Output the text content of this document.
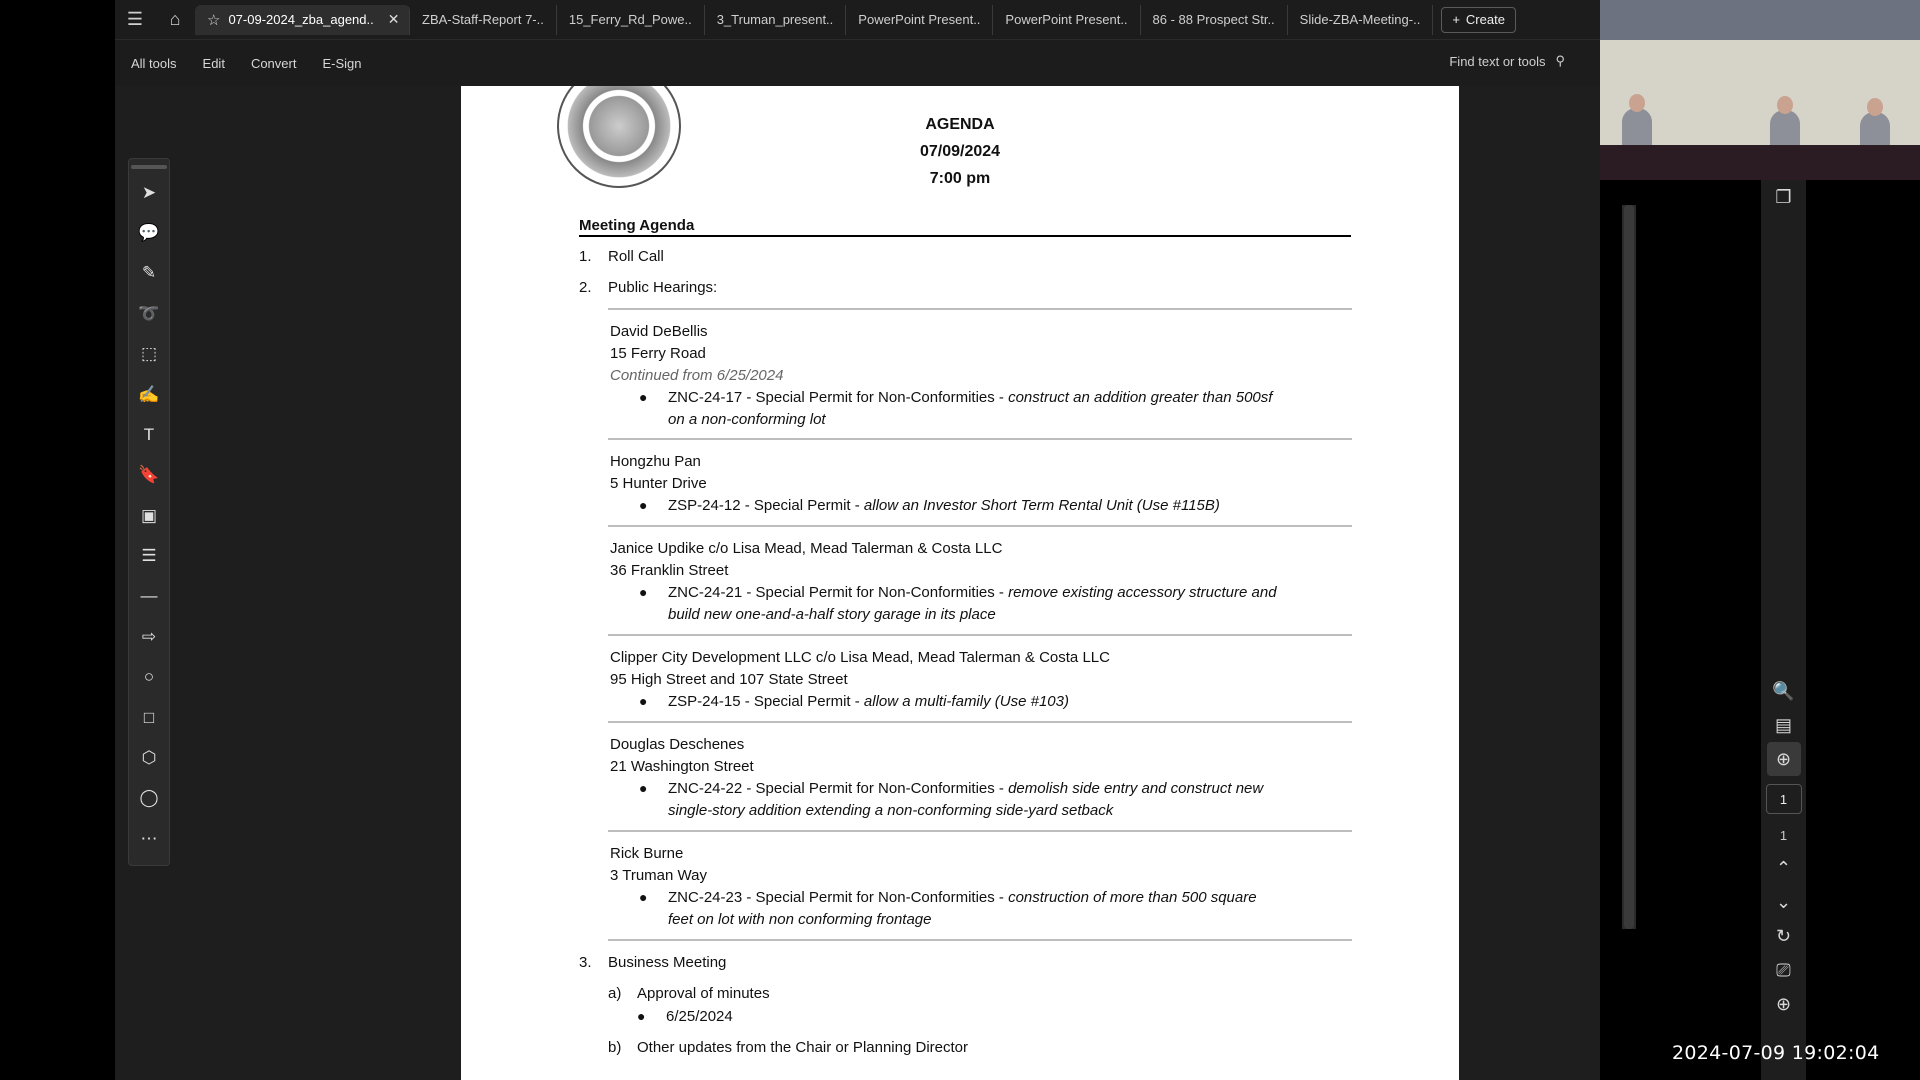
☰	⌂	☆ 07-09-2024_zba_agend.. ✕ ZBA-Staff-Report 7-.. 15_Ferry_Rd_Powe.. 3_Truman_present.. PowerPoint Present.. PowerPoint Present.. 86 - 88 Prospect Str.. Slide-ZBA-Meeting-.. + Create
All tools Edit Convert E-Sign	Find text or tools ⚲
AGENDA
07/09/2024
7:00 pm
Meeting Agenda
1. Roll Call
2. Public Hearings:
David DeBellis
15 Ferry Road
Continued from 6/25/2024
● ZNC-24-17 - Special Permit for Non-Conformities - construct an addition greater than 500sf
on a non-conforming lot
Hongzhu Pan
5 Hunter Drive
● ZSP-24-12 - Special Permit - allow an Investor Short Term Rental Unit (Use #115B)
Janice Updike c/o Lisa Mead, Mead Talerman & Costa LLC
36 Franklin Street
● ZNC-24-21 - Special Permit for Non-Conformities - remove existing accessory structure and
build new one-and-a-half story garage in its place
Clipper City Development LLC c/o Lisa Mead, Mead Talerman & Costa LLC
95 High Street and 107 State Street
● ZSP-24-15 - Special Permit - allow a multi-family (Use #103)
Douglas Deschenes
21 Washington Street
● ZNC-24-22 - Special Permit for Non-Conformities - demolish side entry and construct new
single-story addition extending a non-conforming side-yard setback
Rick Burne
3 Truman Way
● ZNC-24-23 - Special Permit for Non-Conformities - construction of more than 500 square
feet on lot with non conforming frontage
3. Business Meeting
a) Approval of minutes
● 6/25/2024
b) Other updates from the Chair or Planning Director
➤
💬
✎
➰
⬚
✍
T
🔖
▣
☰
—
⇨
○
□
⬡
◯
⋯
❐
🔍
▤
⊕
1
1
⌃
⌄
↻
⎚
⊕
2024-07-09 19:02:04
